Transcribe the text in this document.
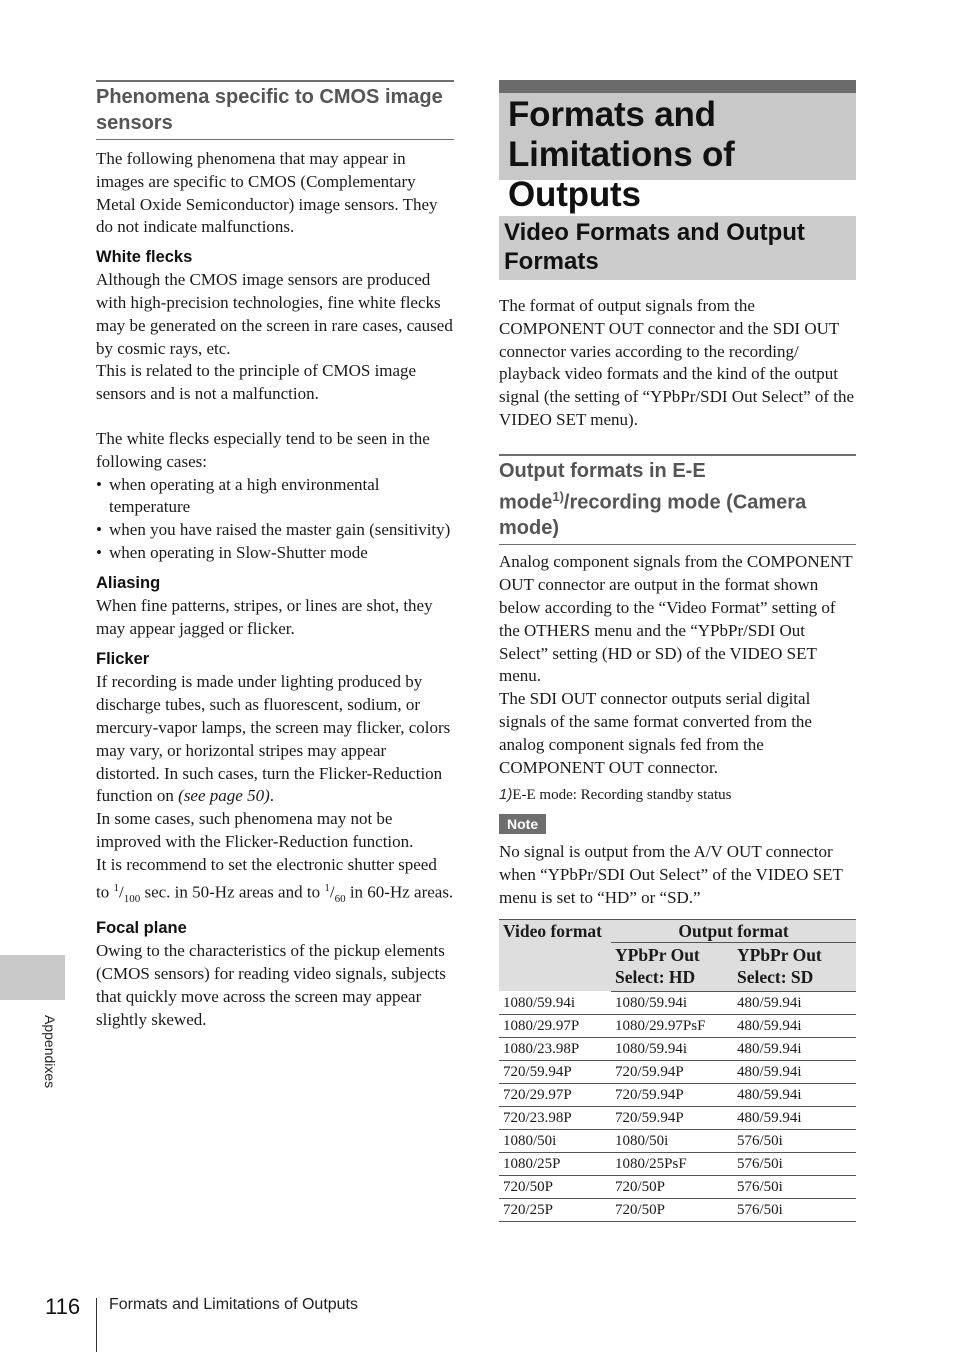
Phenomena specific to CMOS image sensors

The following phenomena that may appear in images are specific to CMOS (Complementary Metal Oxide Semiconductor) image sensors. They do not indicate malfunctions.

White flecks

Although the CMOS image sensors are produced with high-precision technologies, fine white flecks may be generated on the screen in rare cases, caused by cosmic rays, etc.

This is related to the principle of CMOS image sensors and is not a malfunction.

The white flecks especially tend to be seen in the following cases:

• when operating at a high environmental temperature
• when you have raised the master gain (sensitivity)
• when operating in Slow-Shutter mode
Aliasing

When fine patterns, stripes, or lines are shot, they may appear jagged or flicker.

Flicker

If recording is made under lighting produced by discharge tubes, such as fluorescent, sodium, or mercury-vapor lamps, the screen may flicker, colors may vary, or horizontal stripes may appear distorted. In such cases, turn the Flicker-Reduction function on (see page 50).

In some cases, such phenomena may not be improved with the Flicker-Reduction function.

It is recommend to set the electronic shutter speed to $^1/_{100}$ sec. in 50-Hz areas and to $^1/_{60}$ in 60-Hz areas.

Focal plane

Owing to the characteristics of the pickup elements (CMOS sensors) for reading video signals, subjects that quickly move across the screen may appear slightly skewed.

Appendixes
Formats and Limitations of Outputs
Video Formats and Output Formats

The format of output signals from the COMPONENT OUT connector and the SDI OUT connector varies according to the recording/ playback video formats and the kind of the output signal (the setting of “YPbPr/SDI Out Select” of the VIDEO SET menu).

Output formats in E-E mode$^{1)}$/recording mode (Camera mode)

Analog component signals from the COMPONENT OUT connector are output in the format shown below according to the “Video Format” setting of the OTHERS menu and the “YPbPr/SDI Out Select” setting (HD or SD) of the VIDEO SET menu.

The SDI OUT connector outputs serial digital signals of the same format converted from the analog component signals fed from the COMPONENT OUT connector.

1)E-E mode: Recording standby status

Note

No signal is output from the A/V OUT connector when “YPbPr/SDI Out Select” of the VIDEO SET menu is set to “HD” or “SD.”

Video format	Output format	
	YPbPr Out Select: HD	YPbPr Out Select: SD
1080/59.94i	1080/59.94i	480/59.94i
1080/29.97P	1080/29.97PsF	480/59.94i
1080/23.98P	1080/59.94i	480/59.94i
720/59.94P	720/59.94P	480/59.94i
720/29.97P	720/59.94P	480/59.94i
720/23.98P	720/59.94P	480/59.94i
1080/50i	1080/50i	576/50i
1080/25P	1080/25PsF	576/50i
720/50P	720/50P	576/50i
720/25P	720/50P	576/50i
116 Formats and Limitations of Outputs
